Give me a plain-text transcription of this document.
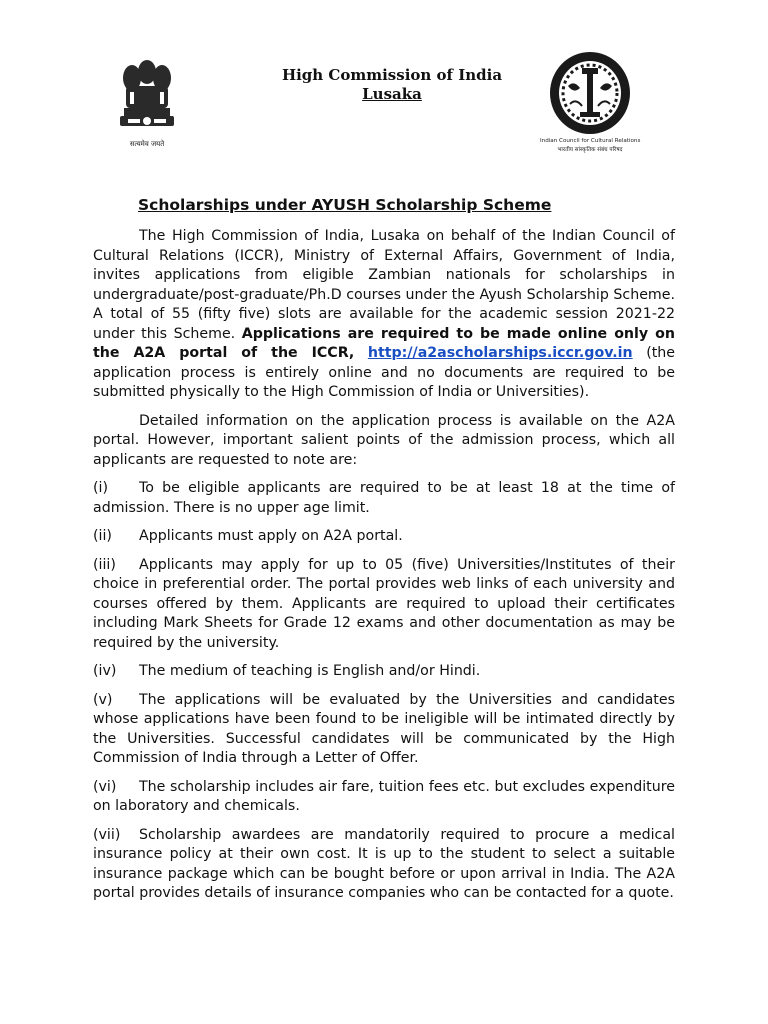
सत्यमेव जयते
High Commission of India
Lusaka
Indian Council for Cultural Relations
भारतीय सांस्कृतिक संबंध परिषद
Scholarships under AYUSH Scholarship Scheme

The High Commission of India, Lusaka on behalf of the Indian Council of Cultural Relations (ICCR), Ministry of External Affairs, Government of India, invites applications from eligible Zambian nationals for scholarships in undergraduate/post-graduate/Ph.D courses under the Ayush Scholarship Scheme. A total of 55 (fifty five) slots are available for the academic session 2021-22 under this Scheme. Applications are required to be made online only on the A2A portal of the ICCR, http://a2ascholarships.iccr.gov.in (the application process is entirely online and no documents are required to be submitted physically to the High Commission of India or Universities).

Detailed information on the application process is available on the A2A portal. However, important salient points of the admission process, which all applicants are requested to note are:

(i) To be eligible applicants are required to be at least 18 at the time of admission. There is no upper age limit.

(ii) Applicants must apply on A2A portal.

(iii) Applicants may apply for up to 05 (five) Universities/Institutes of their choice in preferential order. The portal provides web links of each university and courses offered by them. Applicants are required to upload their certificates including Mark Sheets for Grade 12 exams and other documentation as may be required by the university.

(iv) The medium of teaching is English and/or Hindi.

(v) The applications will be evaluated by the Universities and candidates whose applications have been found to be ineligible will be intimated directly by the Universities. Successful candidates will be communicated by the High Commission of India through a Letter of Offer.

(vi) The scholarship includes air fare, tuition fees etc. but excludes expenditure on laboratory and chemicals.

(vii) Scholarship awardees are mandatorily required to procure a medical insurance policy at their own cost. It is up to the student to select a suitable insurance package which can be bought before or upon arrival in India. The A2A portal provides details of insurance companies who can be contacted for a quote.
